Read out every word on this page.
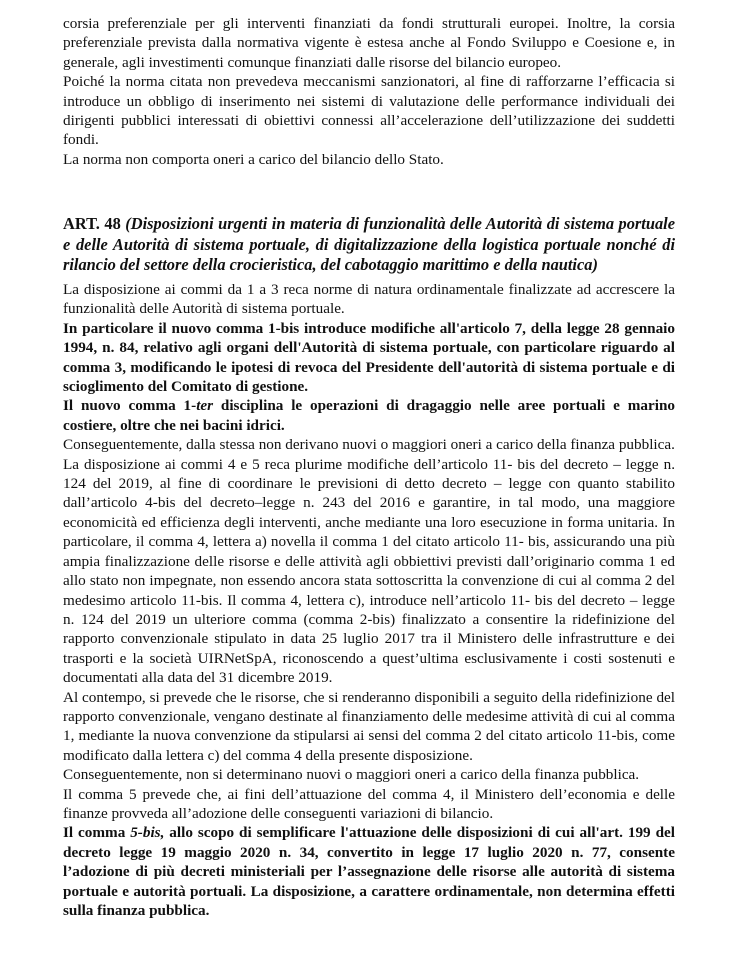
corsia preferenziale per gli interventi finanziati da fondi strutturali europei. Inoltre, la corsia preferenziale prevista dalla normativa vigente è estesa anche al Fondo Sviluppo e Coesione e, in generale, agli investimenti comunque finanziati dalle risorse del bilancio europeo.

Poiché la norma citata non prevedeva meccanismi sanzionatori, al fine di rafforzarne l’efficacia si introduce un obbligo di inserimento nei sistemi di valutazione delle performance individuali dei dirigenti pubblici interessati di obiettivi connessi all’accelerazione dell’utilizzazione dei suddetti fondi.

La norma non comporta oneri a carico del bilancio dello Stato.

ART. 48 (Disposizioni urgenti in materia di funzionalità delle Autorità di sistema portuale e delle Autorità di sistema portuale, di digitalizzazione della logistica portuale nonché di rilancio del settore della crocieristica, del cabotaggio marittimo e della nautica)

La disposizione ai commi da 1 a 3 reca norme di natura ordinamentale finalizzate ad accrescere la funzionalità delle Autorità di sistema portuale.

In particolare il nuovo comma 1-bis introduce modifiche all'articolo 7, della legge 28 gennaio 1994, n. 84, relativo agli organi dell'Autorità di sistema portuale, con particolare riguardo al comma 3, modificando le ipotesi di revoca del Presidente dell'autorità di sistema portuale e di scioglimento del Comitato di gestione.

Il nuovo comma 1-ter disciplina le operazioni di dragaggio nelle aree portuali e marino costiere, oltre che nei bacini idrici.

Conseguentemente, dalla stessa non derivano nuovi o maggiori oneri a carico della finanza pubblica.

La disposizione ai commi 4 e 5 reca plurime modifiche dell’articolo 11- bis del decreto – legge n. 124 del 2019, al fine di coordinare le previsioni di detto decreto – legge con quanto stabilito dall’articolo 4-bis del decreto–legge n. 243 del 2016 e garantire, in tal modo, una maggiore economicità ed efficienza degli interventi, anche mediante una loro esecuzione in forma unitaria. In particolare, il comma 4, lettera a) novella il comma 1 del citato articolo 11- bis, assicurando una più ampia finalizzazione delle risorse e delle attività agli obbiettivi previsti dall’originario comma 1 ed allo stato non impegnate, non essendo ancora stata sottoscritta la convenzione di cui al comma 2 del medesimo articolo 11-bis. Il comma 4, lettera c), introduce nell’articolo 11- bis del decreto – legge n. 124 del 2019 un ulteriore comma (comma 2-bis) finalizzato a consentire la ridefinizione del rapporto convenzionale stipulato in data 25 luglio 2017 tra il Ministero delle infrastrutture e dei trasporti e la società UIRNetSpA, riconoscendo a quest’ultima esclusivamente i costi sostenuti e documentati alla data del 31 dicembre 2019.

Al contempo, si prevede che le risorse, che si renderanno disponibili a seguito della ridefinizione del rapporto convenzionale, vengano destinate al finanziamento delle medesime attività di cui al comma 1, mediante la nuova convenzione da stipularsi ai sensi del comma 2 del citato articolo 11-bis, come modificato dalla lettera c) del comma 4 della presente disposizione.

Conseguentemente, non si determinano nuovi o maggiori oneri a carico della finanza pubblica.

Il comma 5 prevede che, ai fini dell’attuazione del comma 4, il Ministero dell’economia e delle finanze provveda all’adozione delle conseguenti variazioni di bilancio.

Il comma 5-bis, allo scopo di semplificare l'attuazione delle disposizioni di cui all'art. 199 del decreto legge 19 maggio 2020 n. 34, convertito in legge 17 luglio 2020 n. 77, consente l’adozione di più decreti ministeriali per l’assegnazione delle risorse alle autorità di sistema portuale e autorità portuali. La disposizione, a carattere ordinamentale, non determina effetti sulla finanza pubblica.
